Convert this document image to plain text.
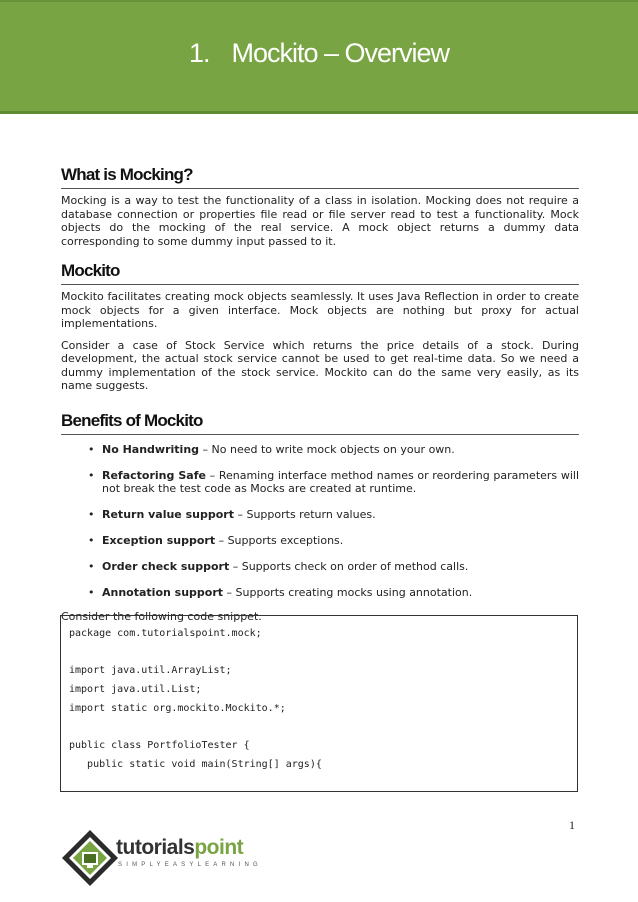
1. Mockito – Overview
What is Mocking?

Mocking is a way to test the functionality of a class in isolation. Mocking does not require a database connection or properties file read or file server read to test a functionality. Mock objects do the mocking of the real service. A mock object returns a dummy data corresponding to some dummy input passed to it.

Mockito

Mockito facilitates creating mock objects seamlessly. It uses Java Reflection in order to create mock objects for a given interface. Mock objects are nothing but proxy for actual implementations.

Consider a case of Stock Service which returns the price details of a stock. During development, the actual stock service cannot be used to get real-time data. So we need a dummy implementation of the stock service. Mockito can do the same very easily, as its name suggests.

Benefits of Mockito
• No Handwriting – No need to write mock objects on your own.
• Refactoring Safe – Renaming interface method names or reordering parameters will not break the test code as Mocks are created at runtime.
• Return value support – Supports return values.
• Exception support – Supports exceptions.
• Order check support – Supports check on order of method calls.
• Annotation support – Supports creating mocks using annotation.

Consider the following code snippet.

package com.tutorialspoint.mock;
import java.util.ArrayList;
import java.util.List;
import static org.mockito.Mockito.*;
public class PortfolioTester {
public static void main(String[] args){
1
tutorialspoint
SIMPLYEASYLEARNING
